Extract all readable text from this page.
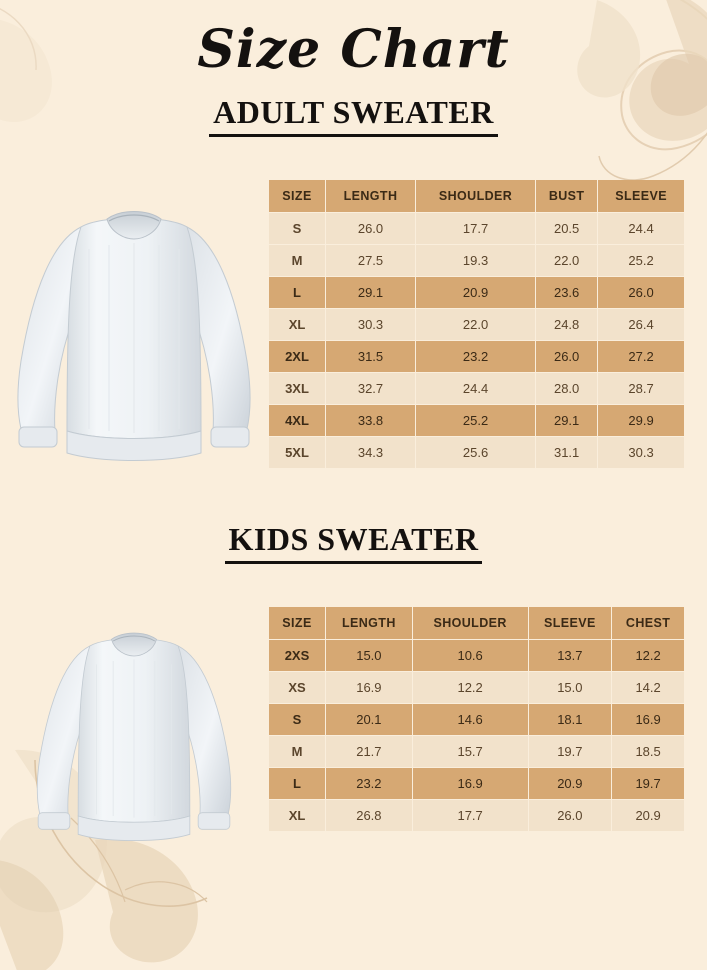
Size Chart
ADULT SWEATER
SIZE	LENGTH	SHOULDER	BUST	SLEEVE
S	26.0	17.7	20.5	24.4
M	27.5	19.3	22.0	25.2
L	29.1	20.9	23.6	26.0
XL	30.3	22.0	24.8	26.4
2XL	31.5	23.2	26.0	27.2
3XL	32.7	24.4	28.0	28.7
4XL	33.8	25.2	29.1	29.9
5XL	34.3	25.6	31.1	30.3
KIDS SWEATER
SIZE	LENGTH	SHOULDER	SLEEVE	CHEST
2XS	15.0	10.6	13.7	12.2
XS	16.9	12.2	15.0	14.2
S	20.1	14.6	18.1	16.9
M	21.7	15.7	19.7	18.5
L	23.2	16.9	20.9	19.7
XL	26.8	17.7	26.0	20.9
